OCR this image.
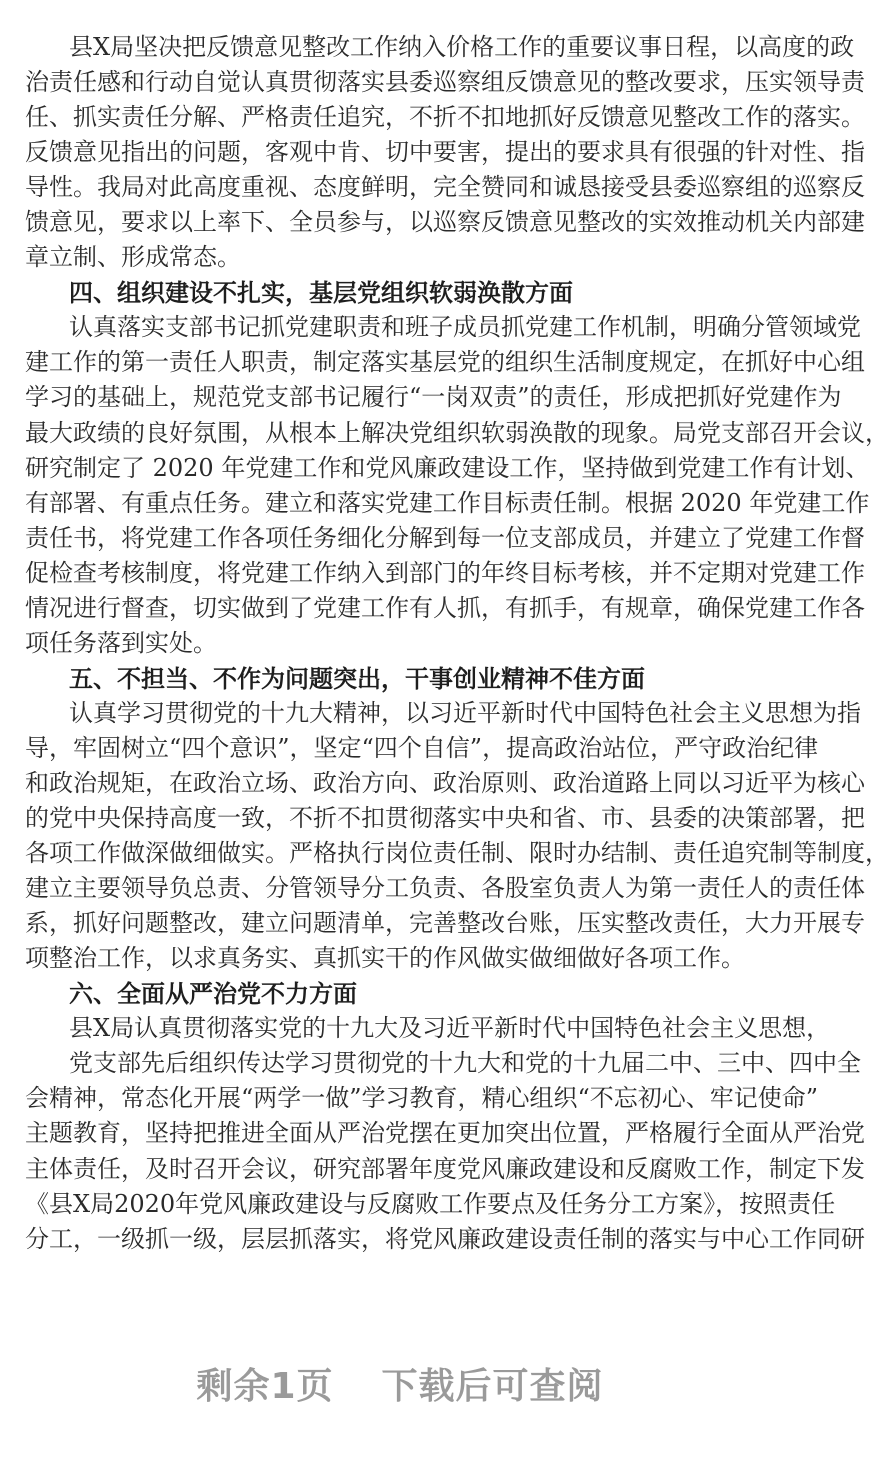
县X局坚决把反馈意见整改工作纳入价格工作的重要议事日程，以高度的政
治责任感和行动自觉认真贯彻落实县委巡察组反馈意见的整改要求，压实领导责
任、抓实责任分解、严格责任追究，不折不扣地抓好反馈意见整改工作的落实。
反馈意见指出的问题，客观中肯、切中要害，提出的要求具有很强的针对性、指
导性。我局对此高度重视、态度鲜明，完全赞同和诚恳接受县委巡察组的巡察反
馈意见，要求以上率下、全员参与，以巡察反馈意见整改的实效推动机关内部建
章立制、形成常态。
四、组织建设不扎实，基层党组织软弱涣散方面
认真落实支部书记抓党建职责和班子成员抓党建工作机制，明确分管领域党
建工作的第一责任人职责，制定落实基层党的组织生活制度规定，在抓好中心组
学习的基础上，规范党支部书记履行“一岗双责”的责任，形成把抓好党建作为
最大政绩的良好氛围，从根本上解决党组织软弱涣散的现象。局党支部召开会议，
研究制定了 2020 年党建工作和党风廉政建设工作，坚持做到党建工作有计划、
有部署、有重点任务。建立和落实党建工作目标责任制。根据 2020 年党建工作
责任书，将党建工作各项任务细化分解到每一位支部成员，并建立了党建工作督
促检查考核制度，将党建工作纳入到部门的年终目标考核，并不定期对党建工作
情况进行督查，切实做到了党建工作有人抓，有抓手，有规章，确保党建工作各
项任务落到实处。
五、不担当、不作为问题突出，干事创业精神不佳方面
认真学习贯彻党的十九大精神，以习近平新时代中国特色社会主义思想为指
导，牢固树立“四个意识”，坚定“四个自信”，提高政治站位，严守政治纪律
和政治规矩，在政治立场、政治方向、政治原则、政治道路上同以习近平为核心
的党中央保持高度一致，不折不扣贯彻落实中央和省、市、县委的决策部署，把
各项工作做深做细做实。严格执行岗位责任制、限时办结制、责任追究制等制度，
建立主要领导负总责、分管领导分工负责、各股室负责人为第一责任人的责任体
系，抓好问题整改，建立问题清单，完善整改台账，压实整改责任，大力开展专
项整治工作，以求真务实、真抓实干的作风做实做细做好各项工作。
六、全面从严治党不力方面
县X局认真贯彻落实党的十九大及习近平新时代中国特色社会主义思想，
党支部先后组织传达学习贯彻党的十九大和党的十九届二中、三中、四中全
会精神，常态化开展“两学一做”学习教育，精心组织“不忘初心、牢记使命”
主题教育，坚持把推进全面从严治党摆在更加突出位置，严格履行全面从严治党
主体责任，及时召开会议，研究部署年度党风廉政建设和反腐败工作，制定下发
《县X局2020年党风廉政建设与反腐败工作要点及任务分工方案》，按照责任
分工，一级抓一级，层层抓落实，将党风廉政建设责任制的落实与中心工作同研
剩余1页 下载后可查阅
